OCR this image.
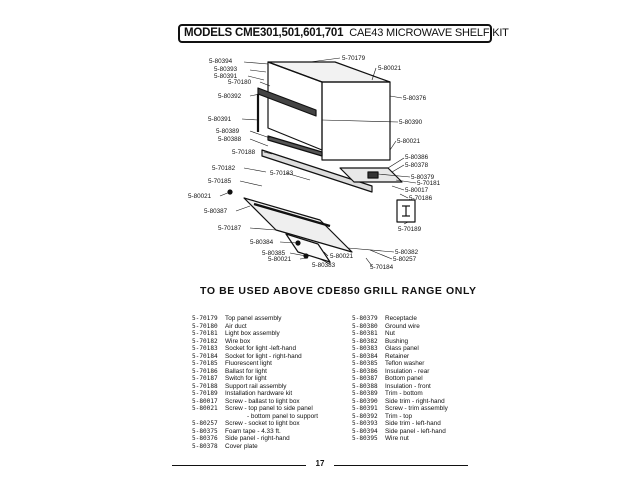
MODELS CME301,501,601,701 CAE43 MICROWAVE SHELF KIT
5-80394
5-80393
5-80391
5-70180
5-80392
5-70179
5-80021
5-80376
5-80391	5-80390
5-80389
5-80388	5-80021
5-70188
5-80386
5-80378
5-70182
5-70183
5-80379
5-70181
5-70185
5-80017
5-80021	5-70186
5-80387
5-70189
5-70187
5-80384
5-80382
5-80385
5-80021	5-80021	5-80257
5-80383	5-70184
TO BE USED ABOVE CDE850 GRILL RANGE ONLY
5-70179	Top panel assembly
5-70180	Air duct
5-70181	Light box assembly
5-70182	Wire box
5-70183	Socket for light -left-hand
5-70184	Socket for light - right-hand
5-70185	Fluorescent light
5-70186	Ballast for light
5-70187	Switch for light
5-70188	Support rail assembly
5-70189	Installation hardware kit
5-80017	Screw - ballast to light box
5-80021	Screw - top panel to side panel
- bottom panel to support
5-80257	Screw - socket to light box
5-80375	Foam tape - 4.33 ft.
5-80376	Side panel - right-hand
5-80378	Cover plate
5-80379	Receptacle
5-80380	Ground wire
5-80381	Nut
5-80382	Bushing
5-80383	Glass panel
5-80384	Retainer
5-80385	Teflon washer
5-80386	Insulation - rear
5-80387	Bottom panel
5-80388	Insulation - front
5-80389	Trim - bottom
5-80390	Side trim - right-hand
5-80391	Screw - trim assembly
5-80392	Trim - top
5-80393	Side trim - left-hand
5-80394	Side panel - left-hand
5-80395	Wire nut
17
